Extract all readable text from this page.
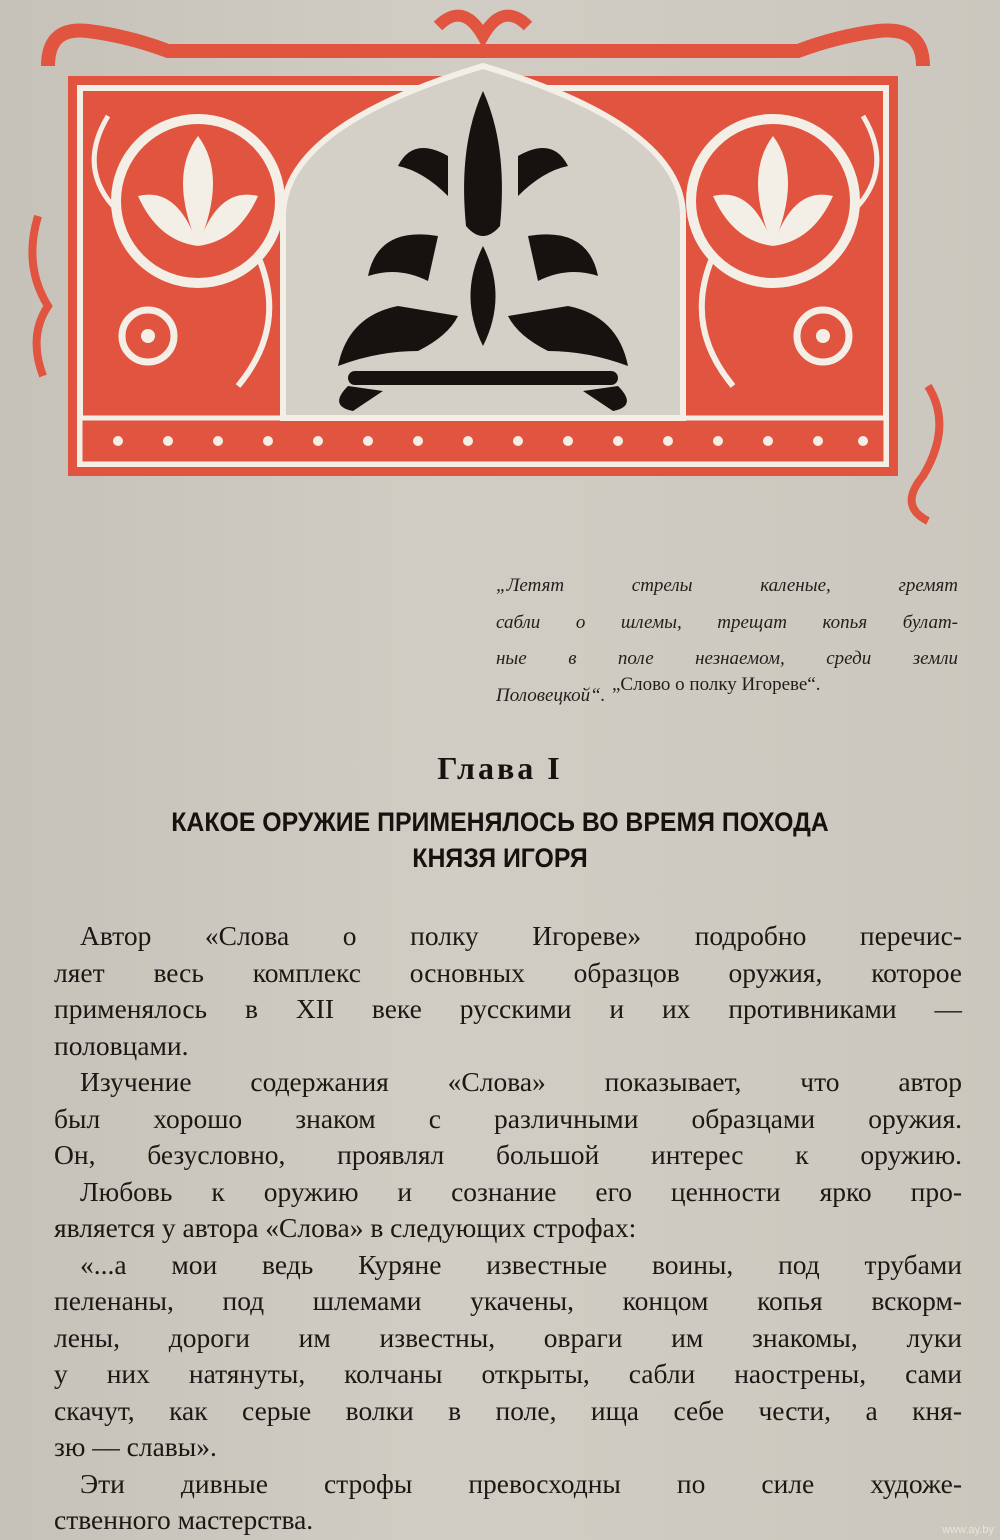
„Летят стрелы каленые, гремят
сабли о шлемы, трещат копья булат-
ные в поле незнаемом, среди земли
Половецкой“. „Слово о полку Игореве“.
Глава I
КАКОЕ ОРУЖИЕ ПРИМЕНЯЛОСЬ ВО ВРЕМЯ ПОХОДА
КНЯЗЯ ИГОРЯ
Автор «Слова о полку Игореве» подробно перечис-
ляет весь комплекс основных образцов оружия, которое
применялось в XII веке русскими и их противниками —
половцами.
Изучение содержания «Слова» показывает, что автор
был хорошо знаком с различными образцами оружия.
Он, безусловно, проявлял большой интерес к оружию.
Любовь к оружию и сознание его ценности ярко про-
является у автора «Слова» в следующих строфах:
«...а мои ведь Куряне известные воины, под трубами
пеленаны, под шлемами укачены, концом копья вскорм-
лены, дороги им известны, овраги им знакомы, луки
у них натянуты, колчаны открыты, сабли наострены, сами
скачут, как серые волки в поле, ища себе чести, а кня-
зю — славы».
Эти дивные строфы превосходны по силе художе-
ственного мастерства.	www.ay.by
